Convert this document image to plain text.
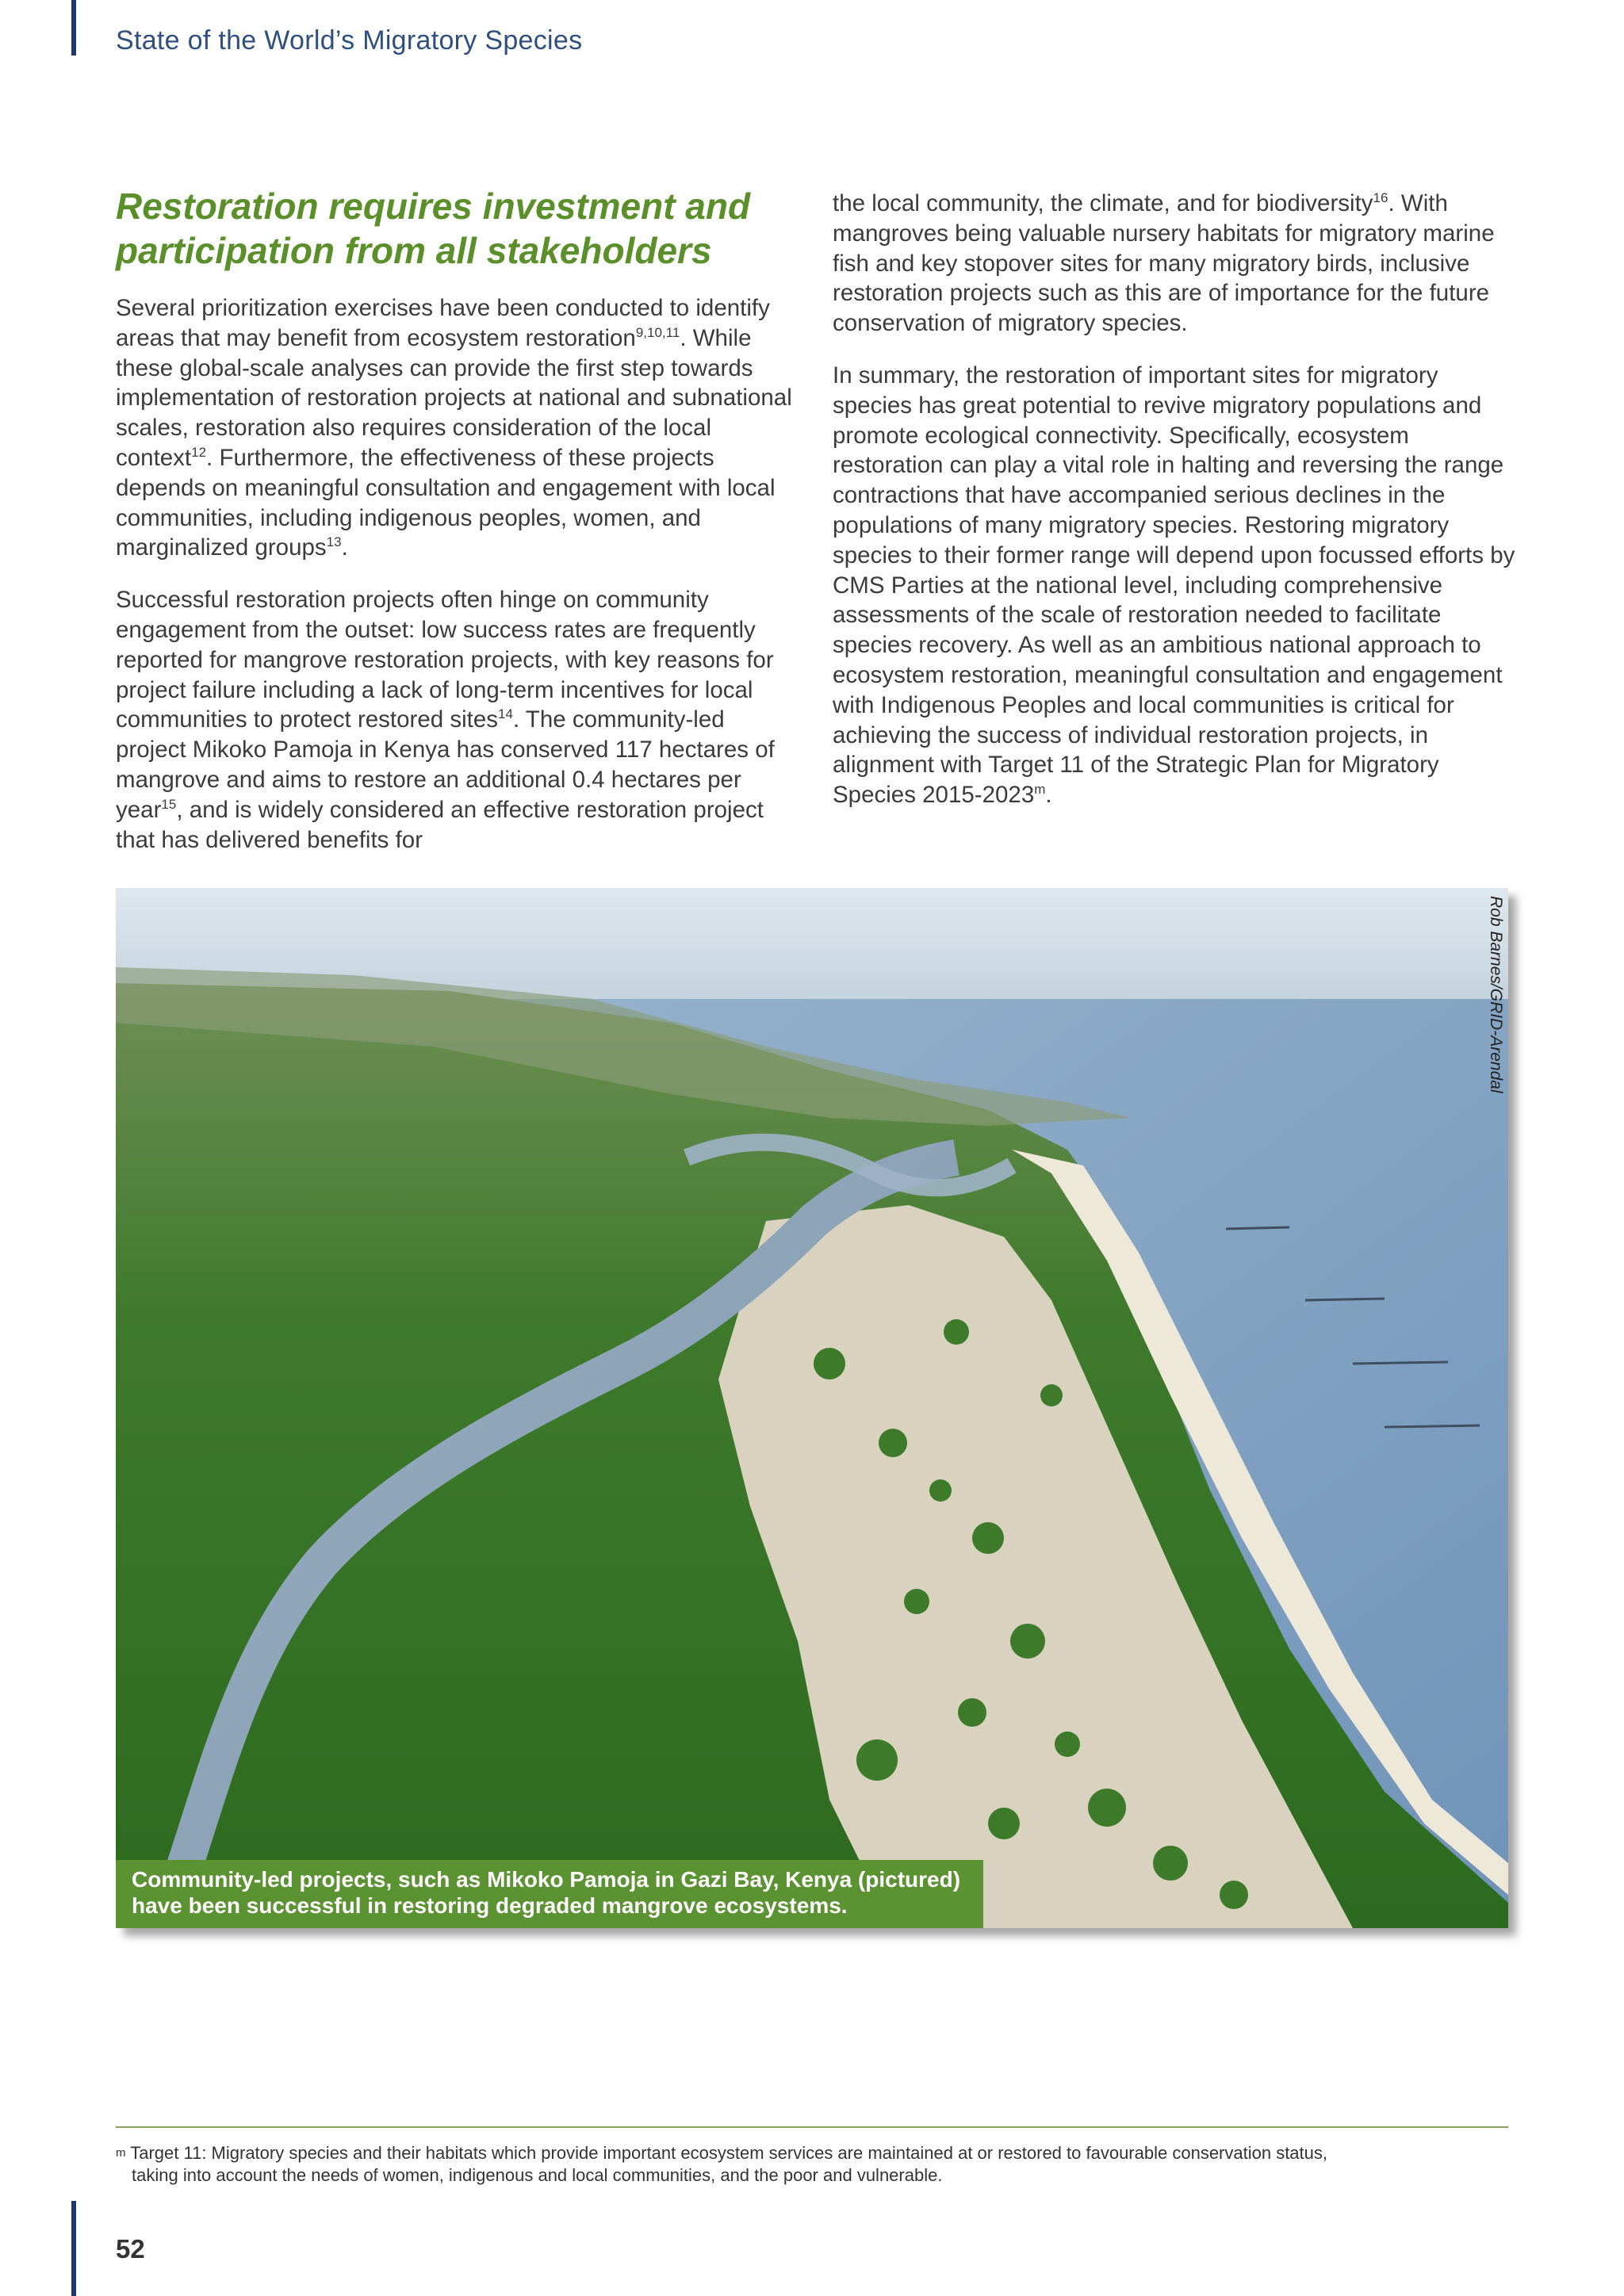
State of the World’s Migratory Species
Restoration requires investment and
participation from all stakeholders

Several prioritization exercises have been conducted to identify areas that may benefit from ecosystem restoration$^{9,10,11}$. While these global-scale analyses can provide the first step towards implementation of restoration projects at national and subnational scales, restoration also requires consideration of the local context$^{12}$. Furthermore, the effectiveness of these projects depends on meaningful consultation and engagement with local communities, including indigenous peoples, women, and marginalized groups$^{13}$.

Successful restoration projects often hinge on community engagement from the outset: low success rates are frequently reported for mangrove restoration projects, with key reasons for project failure including a lack of long-term incentives for local communities to protect restored sites$^{14}$. The community-led project Mikoko Pamoja in Kenya has conserved 117 hectares of mangrove and aims to restore an additional 0.4 hectares per year$^{15}$, and is widely considered an effective restoration project that has delivered benefits for

the local community, the climate, and for biodiversity$^{16}$. With mangroves being valuable nursery habitats for migratory marine fish and key stopover sites for many migratory birds, inclusive restoration projects such as this are of importance for the future conservation of migratory species.

In summary, the restoration of important sites for migratory species has great potential to revive migratory populations and promote ecological connectivity. Specifically, ecosystem restoration can play a vital role in halting and reversing the range contractions that have accompanied serious declines in the populations of many migratory species. Restoring migratory species to their former range will depend upon focussed efforts by CMS Parties at the national level, including comprehensive assessments of the scale of restoration needed to facilitate species recovery. As well as an ambitious national approach to ecosystem restoration, meaningful consultation and engagement with Indigenous Peoples and local communities is critical for achieving the success of individual restoration projects, in alignment with Target 11 of the Strategic Plan for Migratory Species 2015-2023$^m$.

Rob Barnes/GRID-Arendal
Community-led projects, such as Mikoko Pamoja in Gazi Bay, Kenya (pictured)
have been successful in restoring degraded mangrove ecosystems.
$^m$ Target 11: Migratory species and their habitats which provide important ecosystem services are maintained at or restored to favourable conservation status,
taking into account the needs of women, indigenous and local communities, and the poor and vulnerable.
52
